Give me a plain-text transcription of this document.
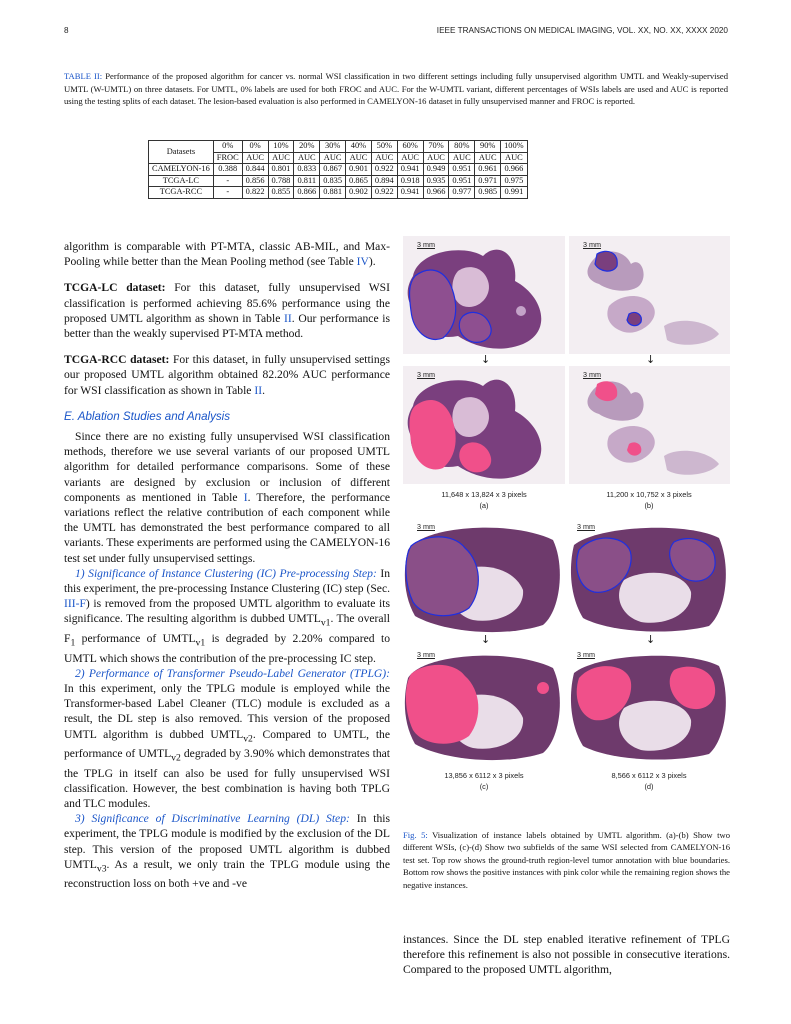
8	IEEE TRANSACTIONS ON MEDICAL IMAGING, VOL. XX, NO. XX, XXXX 2020
TABLE II: Performance of the proposed algorithm for cancer vs. normal WSI classification in two different settings including fully unsupervised algorithm UMTL and Weakly-supervised UMTL (W-UMTL) on three datasets. For UMTL, 0% labels are used for both FROC and AUC. For the W-UMTL variant, different percentages of WSIs labels are used and AUC is reported using the testing splits of each dataset. The lesion-based evaluation is also performed in CAMELYON-16 dataset in fully unsupervised manner and FROC is reported.
Datasets	0%	0%	10%	20%	30%	40%	50%	60%	70%	80%	90%	100%
	FROC	AUC	AUC	AUC	AUC	AUC	AUC	AUC	AUC	AUC	AUC	AUC
CAMELYON-16	0.388	0.844	0.801	0.833	0.867	0.901	0.922	0.941	0.949	0.951	0.961	0.966
TCGA-LC	-	0.856	0.788	0.811	0.835	0.865	0.894	0.918	0.935	0.951	0.971	0.975
TCGA-RCC	-	0.822	0.855	0.866	0.881	0.902	0.922	0.941	0.966	0.977	0.985	0.991

algorithm is comparable with PT-MTA, classic AB-MIL, and Max-Pooling while better than the Mean Pooling method (see Table IV).

TCGA-LC dataset: For this dataset, fully unsupervised WSI classification is performed achieving 85.6% performance using the proposed UMTL algorithm as shown in Table II. Our performance is better than the weakly supervised PT-MTA method.

TCGA-RCC dataset: For this dataset, in fully unsupervised settings our proposed UMTL algorithm obtained 82.20% AUC performance for WSI classification as shown in Table II.

E. Ablation Studies and Analysis

Since there are no existing fully unsupervised WSI classification methods, therefore we use several variants of our proposed UMTL algorithm for detailed performance comparisons. Some of these variants are designed by exclusion or inclusion of different components as mentioned in Table I. Therefore, the performance variations reflect the relative contribution of each component while the UMTL has demonstrated the best performance compared to all variants. These experiments are performed using the CAMELYON-16 test set under fully unsupervised settings.

1) Significance of Instance Clustering (IC) Pre-processing Step: In this experiment, the pre-processing Instance Clustering (IC) step (Sec. III-F) is removed from the proposed UMTL algorithm to evaluate its significance. The resulting algorithm is dubbed $UMTL_{v1}$. The overall $F_1$ performance of $UMTL_{v1}$ is degraded by 2.20% compared to UMTL which shows the contribution of the pre-processing IC step.

2) Performance of Transformer Pseudo-Label Generator (TPLG): In this experiment, only the TPLG module is employed while the Transformer-based Label Cleaner (TLC) module is excluded as a result, the DL step is also removed. This version of the proposed UMTL algorithm is dubbed $UMTL_{v2}$. Compared to UMTL, the performance of $UMTL_{v2}$ degraded by 3.90% which demonstrates that the TPLG in itself can also be used for fully unsupervised WSI classification. However, the best combination is having both TPLG and TLC modules.

3) Significance of Discriminative Learning (DL) Step: In this experiment, the TPLG module is modified by the exclusion of the DL step. This version of the proposed UMTL algorithm is dubbed $UMTL_{v3}$. As a result, we only train the TPLG module using the reconstruction loss on both +ve and -ve

3 mm	3 mm
↓	↓
3 mm	3 mm
11,648 x 13,824 x 3 pixels	11,200 x 10,752 x 3 pixels
(a)	(b)
3 mm	3 mm
↓	↓
3 mm	3 mm
13,856 x 6112 x 3 pixels	8,566 x 6112 x 3 pixels
(c)	(d)
Fig. 5: Visualization of instance labels obtained by UMTL algorithm. (a)-(b) Show two different WSIs, (c)-(d) Show two subfields of the same WSI selected from CAMELYON-16 test set. Top row shows the ground-truth region-level tumor annotation with blue boundaries. Bottom row shows the positive instances with pink color while the remaining region shows the negative instances.

instances. Since the DL step enabled iterative refinement of TPLG therefore this refinement is also not possible in consecutive iterations. Compared to the proposed UMTL algorithm,
